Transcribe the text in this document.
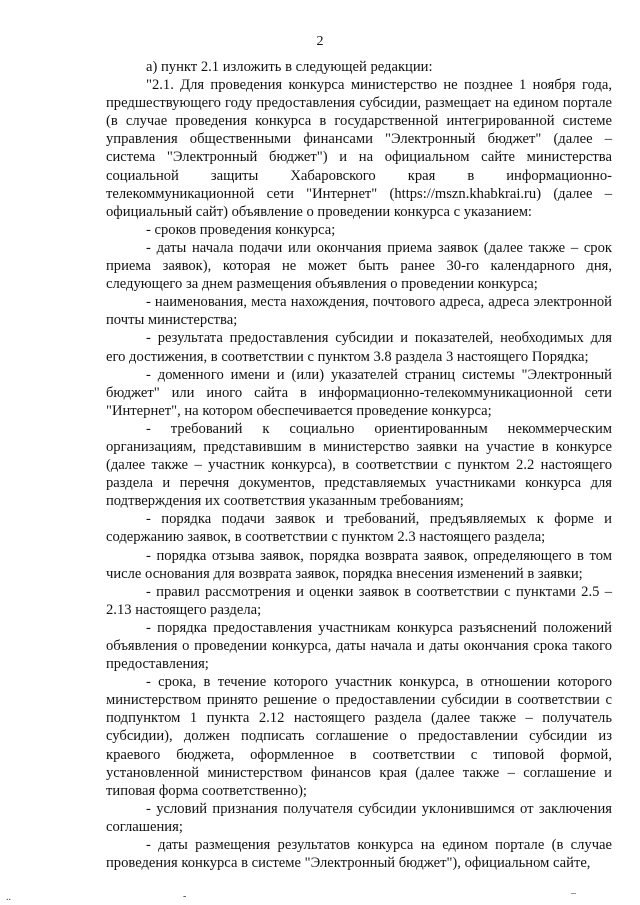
2

а) пункт 2.1 изложить в следующей редакции:

"2.1. Для проведения конкурса министерство не позднее 1 ноября года, предшествующего году предоставления субсидии, размещает на едином портале (в случае проведения конкурса в государственной интегрированной системе управления общественными финансами "Электронный бюджет" (далее – система "Электронный бюджет") и на официальном сайте министерства социальной защиты Хабаровского края в информационно-телекоммуникационной сети "Интернет" (https://mszn.khabkrai.ru) (далее – официальный сайт) объявление о проведении конкурса с указанием:

- сроков проведения конкурса;

- даты начала подачи или окончания приема заявок (далее также – срок приема заявок), которая не может быть ранее 30-го календарного дня, следующего за днем размещения объявления о проведении конкурса;

- наименования, места нахождения, почтового адреса, адреса электронной почты министерства;

- результата предоставления субсидии и показателей, необходимых для его достижения, в соответствии с пунктом 3.8 раздела 3 настоящего Порядка;

- доменного имени и (или) указателей страниц системы "Электронный бюджет" или иного сайта в информационно-телекоммуникационной сети "Интернет", на котором обеспечивается проведение конкурса;

- требований к социально ориентированным некоммерческим организациям, представившим в министерство заявки на участие в конкурсе (далее также – участник конкурса), в соответствии с пунктом 2.2 настоящего раздела и перечня документов, представляемых участниками конкурса для подтверждения их соответствия указанным требованиям;

- порядка подачи заявок и требований, предъявляемых к форме и содержанию заявок, в соответствии с пунктом 2.3 настоящего раздела;

- порядка отзыва заявок, порядка возврата заявок, определяющего в том числе основания для возврата заявок, порядка внесения изменений в заявки;

- правил рассмотрения и оценки заявок в соответствии с пунктами 2.5 – 2.13 настоящего раздела;

- порядка предоставления участникам конкурса разъяснений положений объявления о проведении конкурса, даты начала и даты окончания срока такого предоставления;

- срока, в течение которого участник конкурса, в отношении которого министерством принято решение о предоставлении субсидии в соответствии с подпунктом 1 пункта 2.12 настоящего раздела (далее также – получатель субсидии), должен подписать соглашение о предоставлении субсидии из краевого бюджета, оформленное в соответствии с типовой формой, установленной министерством финансов края (далее также – соглашение и типовая форма соответственно);

- условий признания получателя субсидии уклонившимся от заключения соглашения;

- даты размещения результатов конкурса на едином портале (в случае проведения конкурса в системе "Электронный бюджет"), официальном сайте,

..	-	–
